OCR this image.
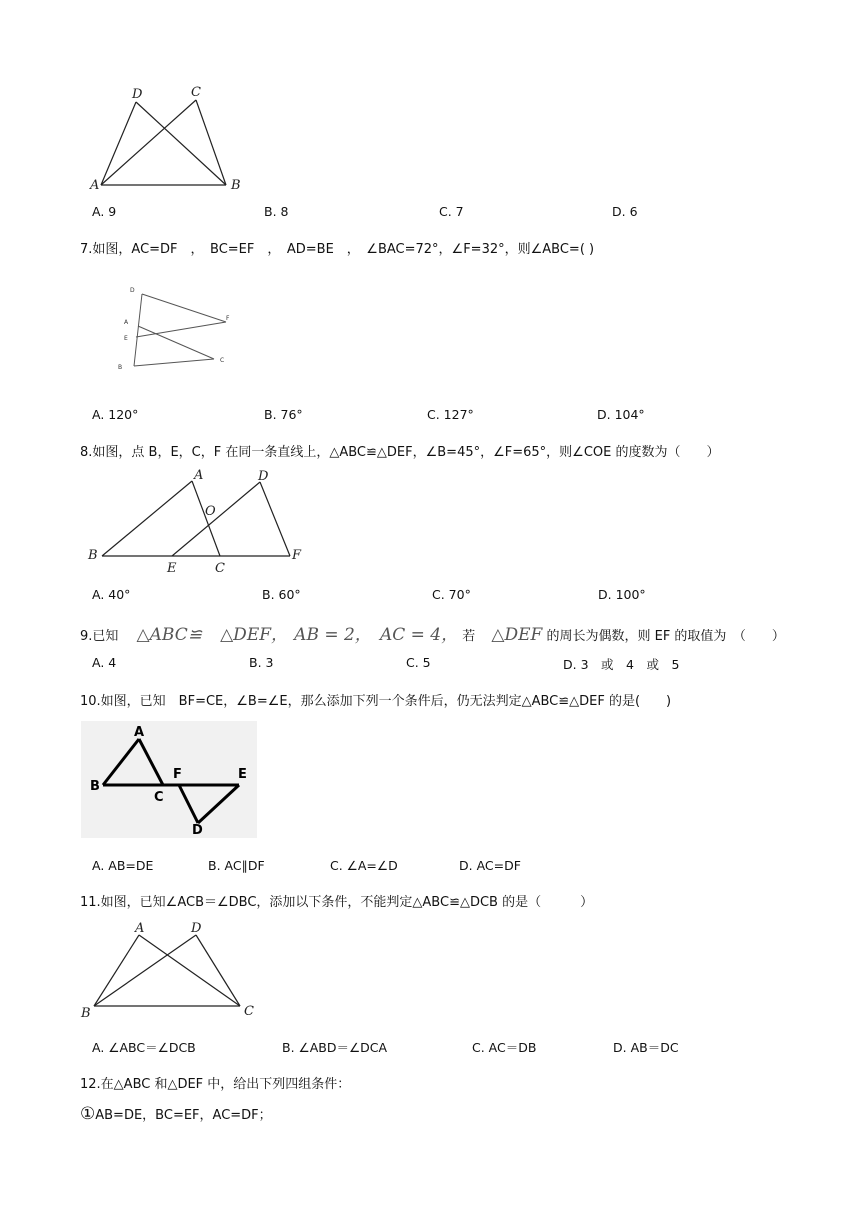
D	C
A	B
A. 9	B. 8	C. 7	D. 6
7.如图，AC=DF　，　BC=EF　，　AD=BE　，　∠BAC=72°，∠F=32°，则∠ABC=( )
D
A
E
B
F
C
A. 120°	B. 76°	C. 127°	D. 104°
8.如图，点 B，E，C，F 在同一条直线上，△ABC≌△DEF，∠B=45°，∠F=65°，则∠COE 的度数为（　　）
A	D
O
B
E	C
F
A. 40°	B. 60°	C. 70°	D. 100°
9.已知 △ABC≌ △DEF， AB = 2， AC = 4， 若 △DEF 的周长为偶数，则 EF 的取值为　（　　）
A. 4	B. 3	C. 5	D. 3　或　4　或　5
10.如图，已知　BF=CE，∠B=∠E，那么添加下列一个条件后，仍无法判定△ABC≌△DEF 的是(　　)
A
B
C
F	E
D
A. AB=DE	B. AC∥DF	C. ∠A=∠D	D. AC=DF
11.如图，已知∠ACB＝∠DBC，添加以下条件，不能判定△ABC≌△DCB 的是（　　　）
A	D
B	C
A. ∠ABC＝∠DCB	B. ∠ABD＝∠DCA	C. AC＝DB	D. AB＝DC
12.在△ABC 和△DEF 中，给出下列四组条件：
①AB=DE，BC=EF，AC=DF；
